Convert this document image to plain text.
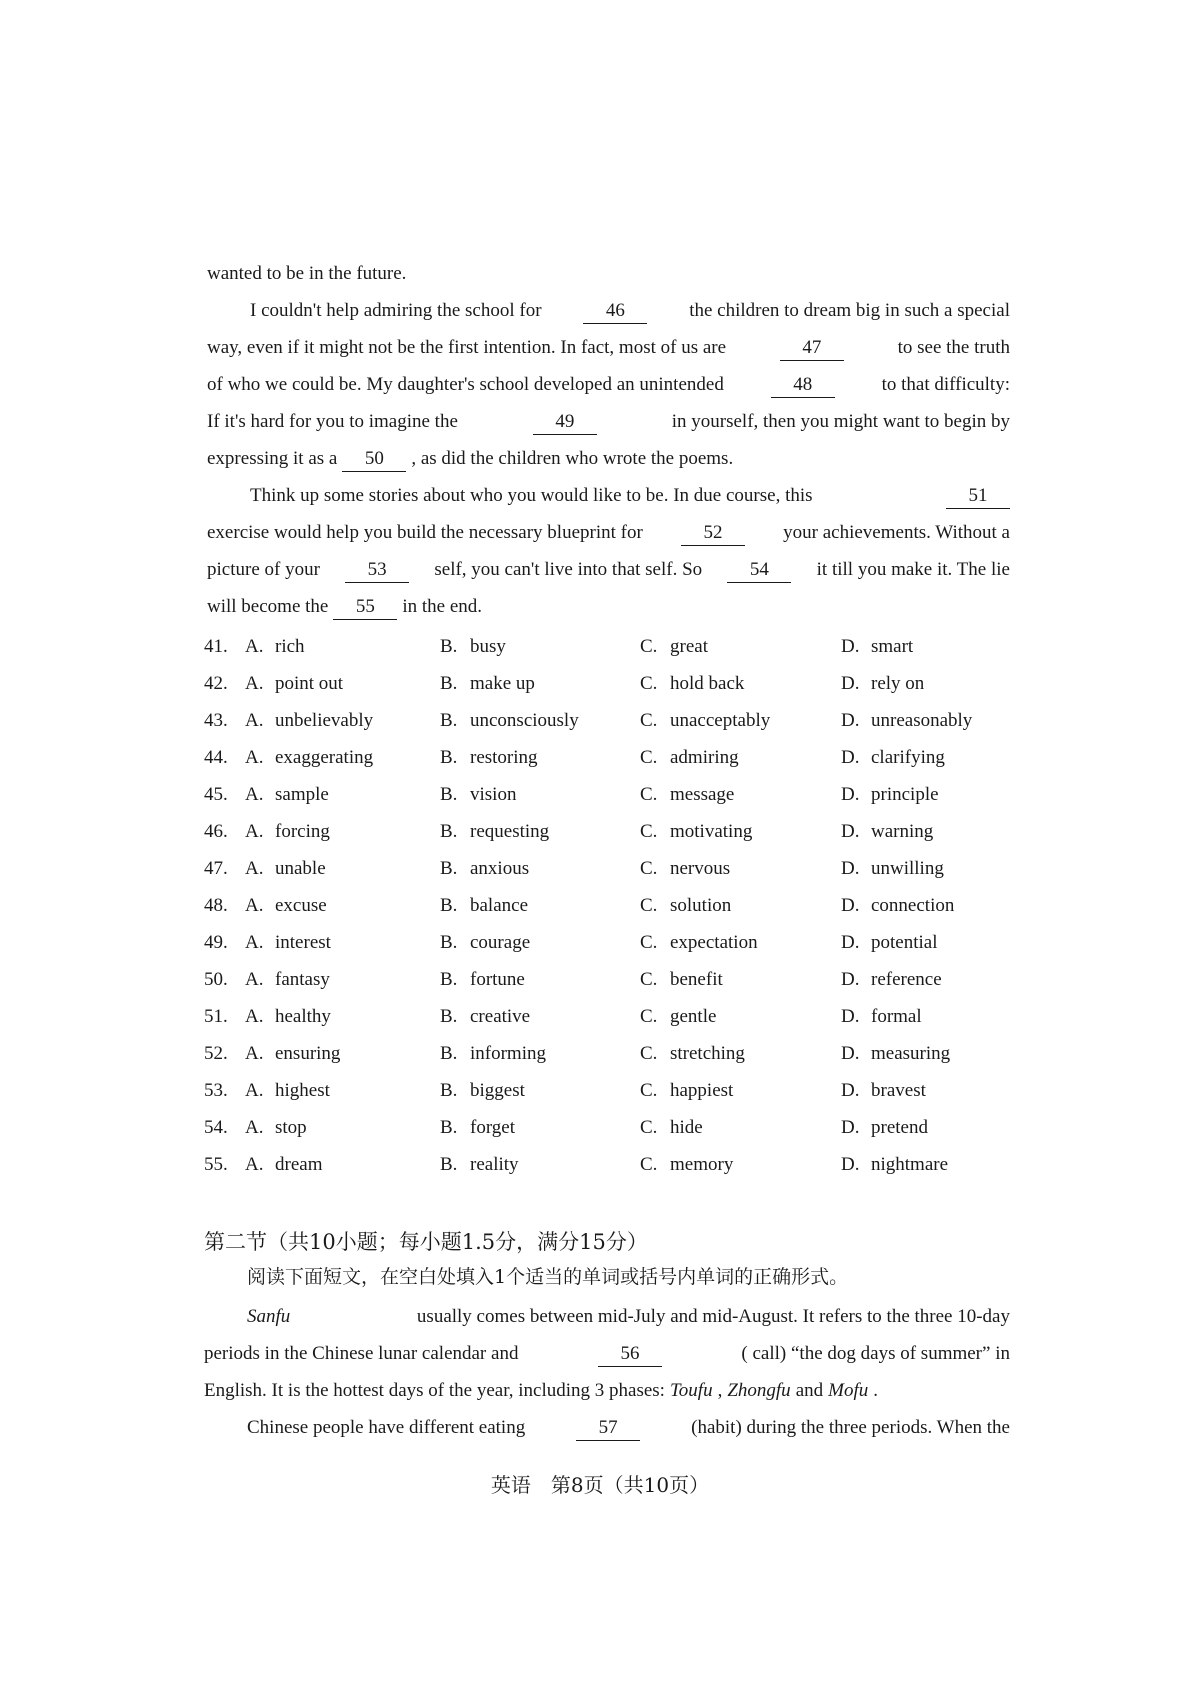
wanted to be in the future.
I couldn't help admiring the school for	46	the children to dream big in such a special
way, even if it might not be the first intention. In fact, most of us are	47	to see the truth
of who we could be. My daughter's school developed an unintended	48	to that difficulty:
If it's hard for you to imagine the	49	in yourself, then you might want to begin by
expressing it as a	50	, as did the children who wrote the poems.
Think up some stories about who you would like to be. In due course, this	51
exercise would help you build the necessary blueprint for	52	your achievements. Without a
picture of your	53	self, you can't live into that self. So	54	it till you make it. The lie
will become the	55	in the end.
41. A. rich	B. busy	C. great	D. smart
42. A. point out	B. make up	C. hold back	D. rely on
43. A. unbelievably	B. unconsciously	C. unacceptably	D. unreasonably
44. A. exaggerating	B. restoring	C. admiring	D. clarifying
45. A. sample	B. vision	C. message	D. principle
46. A. forcing	B. requesting	C. motivating	D. warning
47. A. unable	B. anxious	C. nervous	D. unwilling
48. A. excuse	B. balance	C. solution	D. connection
49. A. interest	B. courage	C. expectation	D. potential
50. A. fantasy	B. fortune	C. benefit	D. reference
51. A. healthy	B. creative	C. gentle	D. formal
52. A. ensuring	B. informing	C. stretching	D. measuring
53. A. highest	B. biggest	C. happiest	D. bravest
54. A. stop	B. forget	C. hide	D. pretend
55. A. dream	B. reality	C. memory	D. nightmare
第二节（共10小题；每小题1.5分，满分15分）
阅读下面短文，在空白处填入1个适当的单词或括号内单词的正确形式。
Sanfu	usually comes between mid-July and mid-August. It refers to the three 10-day
periods in the Chinese lunar calendar and	56	( call) “the dog days of summer” in
English. It is the hottest days of the year, including 3 phases: Toufu , Zhongfu and Mofu .
Chinese people have different eating	57	(habit) during the three periods. When the
英语　第8页（共10页）
